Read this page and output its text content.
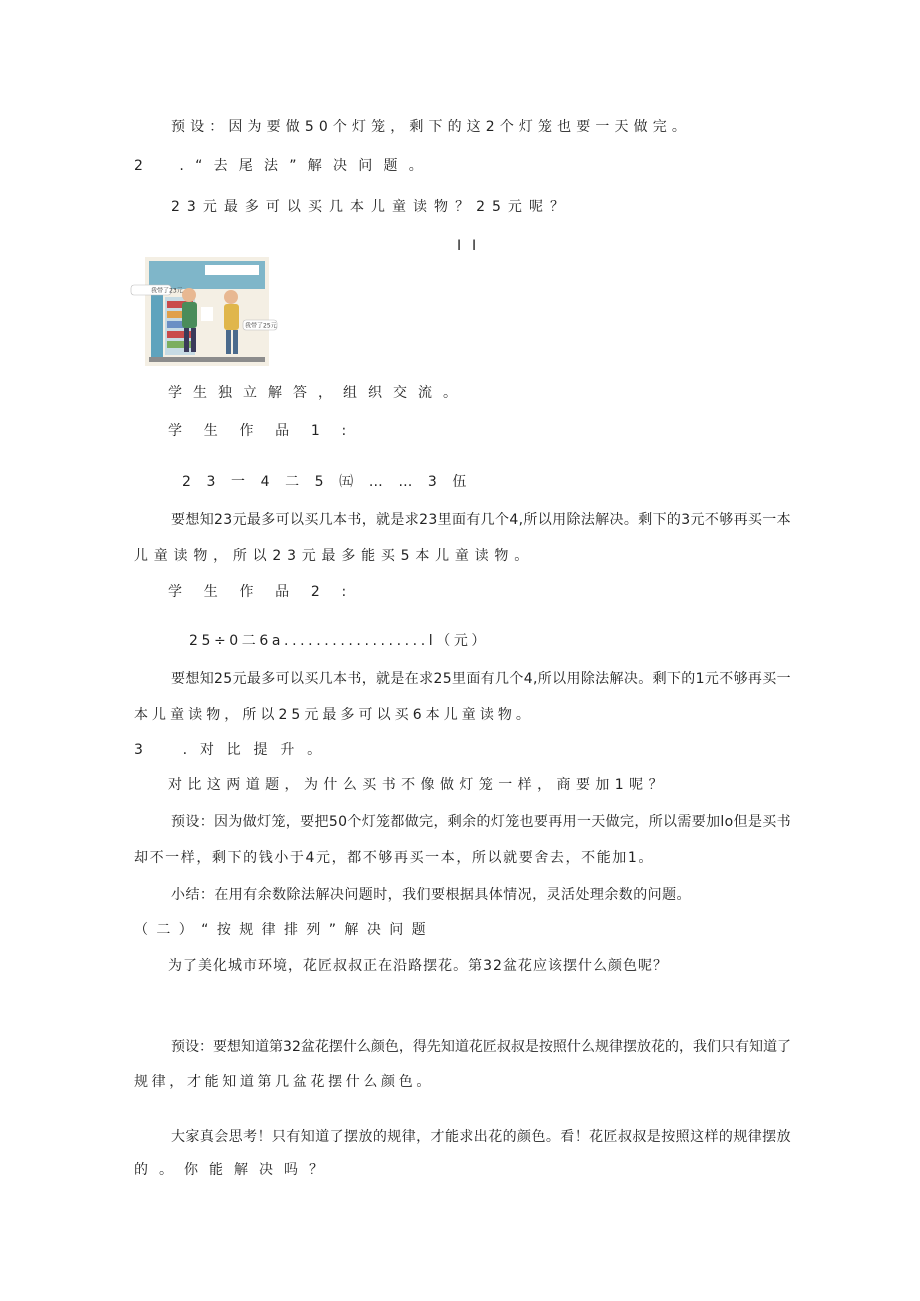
预设：因为要做50个灯笼，剩下的这2个灯笼也要一天做完。
2　.“去尾法”解决问题。
23元最多可以买几本儿童读物？25元呢？
II
我带了23元
我带了25元
学生独立解答，组织交流。
学生作品1:
23一4二5㈤……3伍
要想知23元最多可以买几本书，就是求23里面有几个4,所以用除法解决。剩下的3元不够再买一本
儿童读物，所以23元最多能买5本儿童读物。
学生作品2:
25÷0二6a..................l（元）
要想知25元最多可以买几本书，就是在求25里面有几个4,所以用除法解决。剩下的1元不够再买一
本儿童读物，所以25元最多可以买6本儿童读物。
3　.对比提升。
对比这两道题，为什么买书不像做灯笼一样，商要加1呢？
预设：因为做灯笼，要把50个灯笼都做完，剩余的灯笼也要再用一天做完，所以需要加lo但是买书
却不一样，剩下的钱小于4元，都不够再买一本，所以就要舍去，不能加1。
小结：在用有余数除法解决问题时，我们要根据具体情况，灵活处理余数的问题。
（二）“按规律排列”解决问题
为了美化城市环境，花匠叔叔正在沿路摆花。第32盆花应该摆什么颜色呢？
预设：要想知道第32盆花摆什么颜色，得先知道花匠叔叔是按照什么规律摆放花的，我们只有知道了
规律，才能知道第几盆花摆什么颜色。
大家真会思考！只有知道了摆放的规律，才能求出花的颜色。看！花匠叔叔是按照这样的规律摆放
的。你能解决吗？
